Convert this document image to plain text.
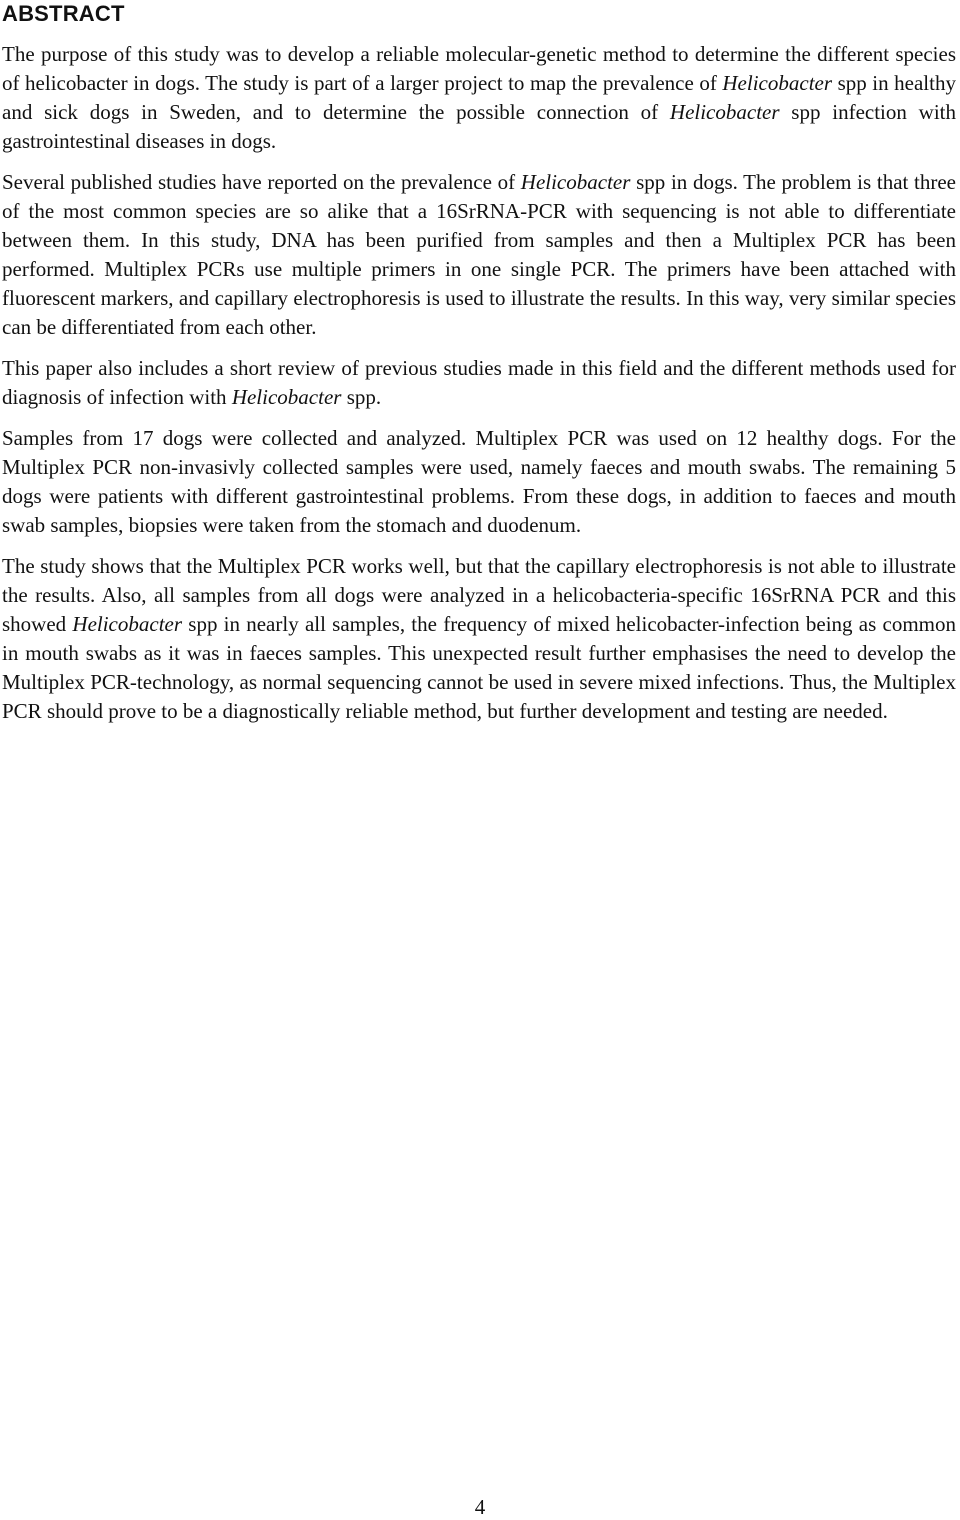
ABSTRACT

The purpose of this study was to develop a reliable molecular-genetic method to determine the different species of helicobacter in dogs. The study is part of a larger project to map the prevalence of Helicobacter spp in healthy and sick dogs in Sweden, and to determine the possible connection of Helicobacter spp infection with gastrointestinal diseases in dogs.

Several published studies have reported on the prevalence of Helicobacter spp in dogs. The problem is that three of the most common species are so alike that a 16SrRNA-PCR with sequencing is not able to differentiate between them. In this study, DNA has been purified from samples and then a Multiplex PCR has been performed. Multiplex PCRs use multiple primers in one single PCR. The primers have been attached with fluorescent markers, and capillary electrophoresis is used to illustrate the results. In this way, very similar species can be differentiated from each other.

This paper also includes a short review of previous studies made in this field and the different methods used for diagnosis of infection with Helicobacter spp.

Samples from 17 dogs were collected and analyzed. Multiplex PCR was used on 12 healthy dogs. For the Multiplex PCR non-invasivly collected samples were used, namely faeces and mouth swabs. The remaining 5 dogs were patients with different gastrointestinal problems. From these dogs, in addition to faeces and mouth swab samples, biopsies were taken from the stomach and duodenum.

The study shows that the Multiplex PCR works well, but that the capillary electrophoresis is not able to illustrate the results. Also, all samples from all dogs were analyzed in a helicobacteria-specific 16SrRNA PCR and this showed Helicobacter spp in nearly all samples, the frequency of mixed helicobacter-infection being as common in mouth swabs as it was in faeces samples. This unexpected result further emphasises the need to develop the Multiplex PCR-technology, as normal sequencing cannot be used in severe mixed infections. Thus, the Multiplex PCR should prove to be a diagnostically reliable method, but further development and testing are needed.

4
